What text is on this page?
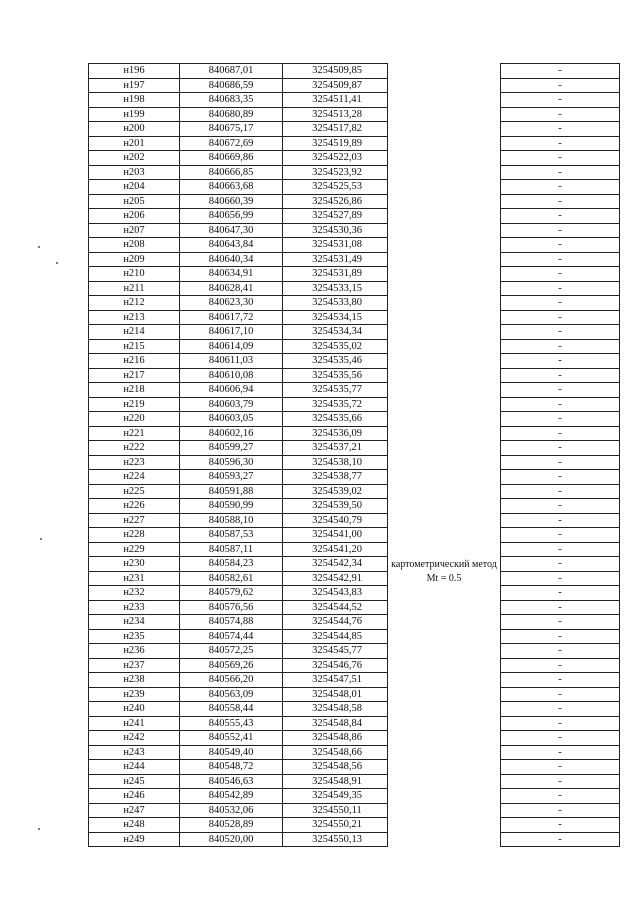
н196	840687,01	3254509,85	картометрический метод Mt = 0.5	-
н197	840686,59	3254509,87		-
н198	840683,35	3254511,41		-
н199	840680,89	3254513,28		-
н200	840675,17	3254517,82		-
н201	840672,69	3254519,89		-
н202	840669,86	3254522,03		-
н203	840666,85	3254523,92		-
н204	840663,68	3254525,53		-
н205	840660,39	3254526,86		-
н206	840656,99	3254527,89		-
н207	840647,30	3254530,36		-
н208	840643,84	3254531,08		-
н209	840640,34	3254531,49		-
н210	840634,91	3254531,89		-
н211	840628,41	3254533,15		-
н212	840623,30	3254533,80		-
н213	840617,72	3254534,15		-
н214	840617,10	3254534,34		-
н215	840614,09	3254535,02		-
н216	840611,03	3254535,46		-
н217	840610,08	3254535,56		-
н218	840606,94	3254535,77		-
н219	840603,79	3254535,72		-
н220	840603,05	3254535,66		-
н221	840602,16	3254536,09		-
н222	840599,27	3254537,21		-
н223	840596,30	3254538,10		-
н224	840593,27	3254538,77		-
н225	840591,88	3254539,02		-
н226	840590,99	3254539,50		-
н227	840588,10	3254540,79		-
н228	840587,53	3254541,00		-
н229	840587,11	3254541,20		-
н230	840584,23	3254542,34		-
н231	840582,61	3254542,91		-
н232	840579,62	3254543,83		-
н233	840576,56	3254544,52		-
н234	840574,88	3254544,76		-
н235	840574,44	3254544,85		-
н236	840572,25	3254545,77		-
н237	840569,26	3254546,76		-
н238	840566,20	3254547,51		-
н239	840563,09	3254548,01		-
н240	840558,44	3254548,58		-
н241	840555,43	3254548,84		-
н242	840552,41	3254548,86		-
н243	840549,40	3254548,66		-
н244	840548,72	3254548,56		-
н245	840546,63	3254548,91		-
н246	840542,89	3254549,35		-
н247	840532,06	3254550,11		-
н248	840528,89	3254550,21		-
н249	840520,00	3254550,13		-
